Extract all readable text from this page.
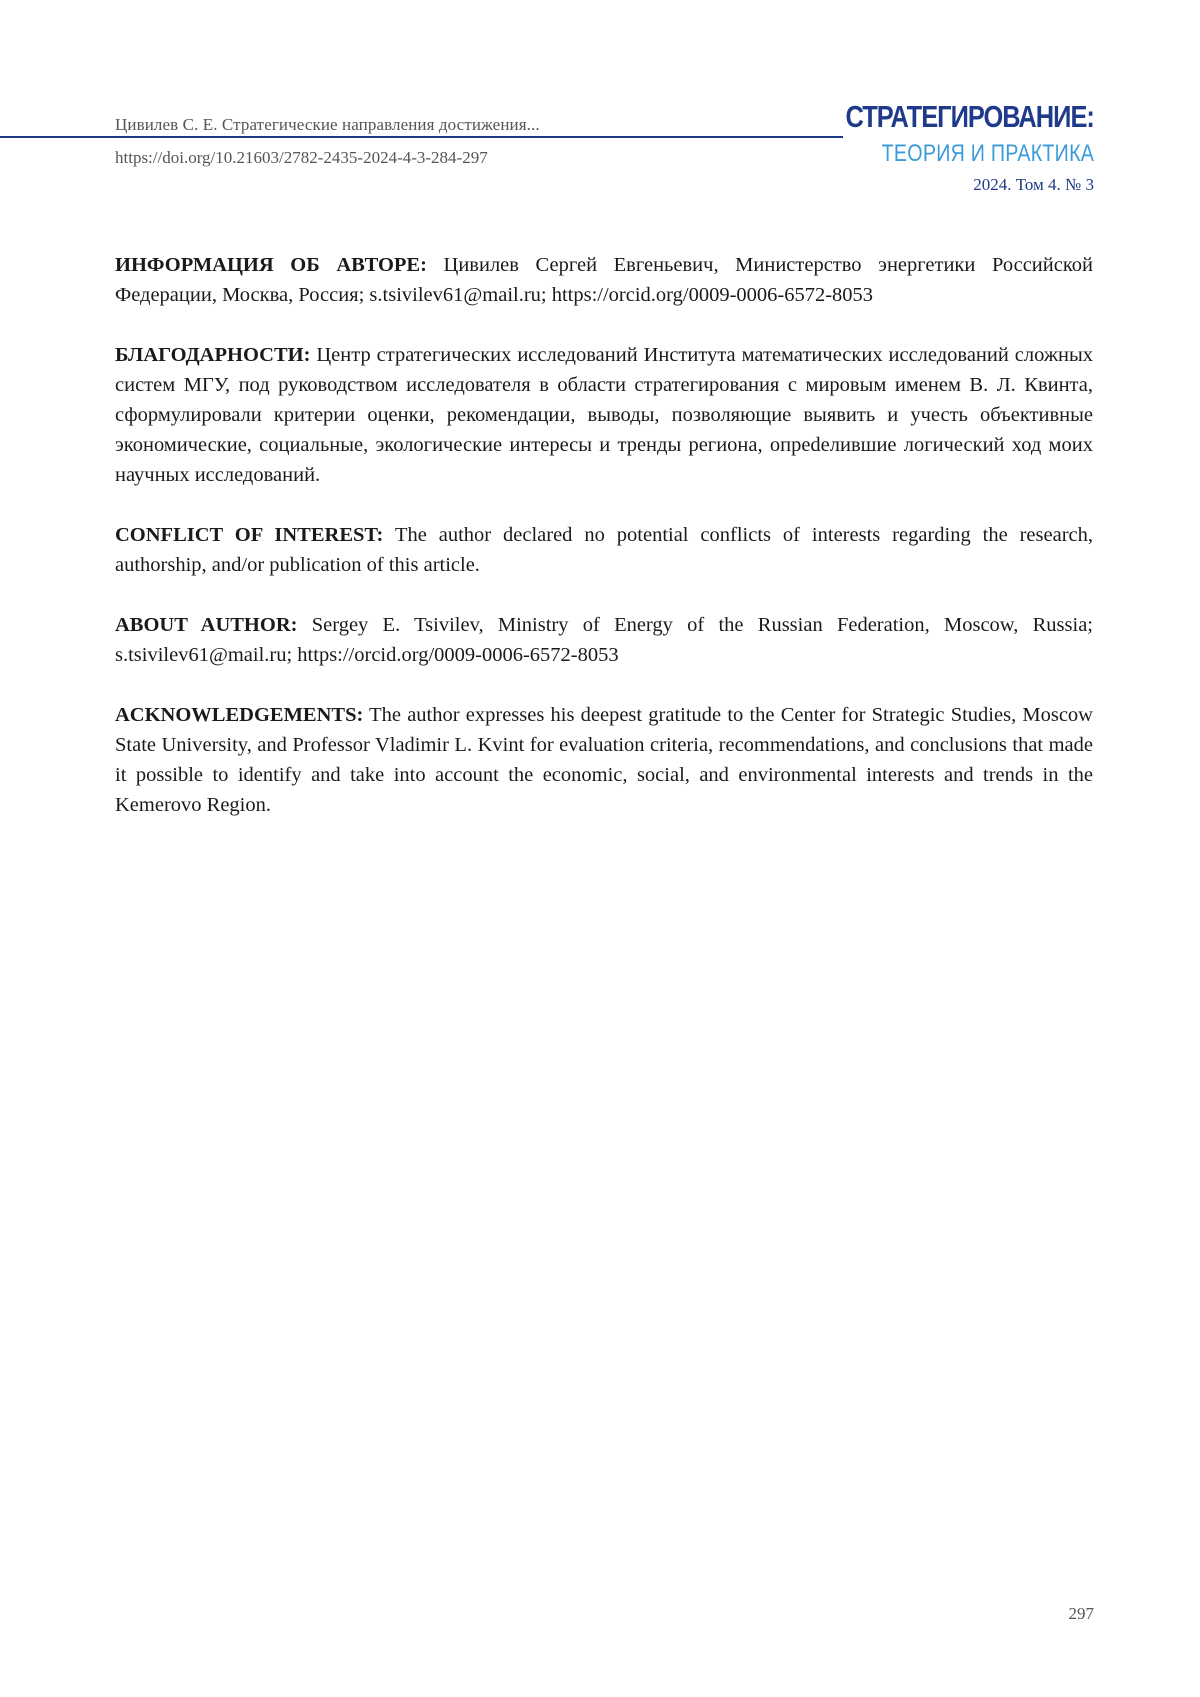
Цивилев С. Е. Стратегические направления достижения...
https://doi.org/10.21603/2782-2435-2024-4-3-284-297
СТРАТЕГИРОВАНИЕ:
ТЕОРИЯ И ПРАКТИКА
2024. Том 4. № 3

ИНФОРМАЦИЯ ОБ АВТОРЕ: Цивилев Сергей Евгеньевич, Министерство энергетики Российской Федерации, Москва, Россия; s.tsivilev61@mail.ru; https://orcid.org/0009-0006-6572-8053

БЛАГОДАРНОСТИ: Центр стратегических исследований Института математических исследований сложных систем МГУ, под руководством исследователя в области стратегирования с мировым именем В. Л. Квинта, сформулировали критерии оценки, рекомендации, выводы, позволяющие выявить и учесть объективные экономические, социальные, экологические интересы и тренды региона, опреdелившие логический ход моих научных исследований.

CONFLICT OF INTEREST: The author declared no potential conflicts of interests regarding the research, authorship, and/or publication of this article.

ABOUT AUTHOR: Sergey E. Tsivilev, Ministry of Energy of the Russian Federation, Moscow, Russia; s.tsivilev61@mail.ru; https://orcid.org/0009-0006-6572-8053

ACKNOWLEDGEMENTS: The author expresses his deepest gratitude to the Center for Strategic Studies, Moscow State University, and Professor Vladimir L. Kvint for evaluation criteria, recommendations, and conclusions that made it possible to identify and take into account the economic, social, and environmental interests and trends in the Kemerovo Region.

297
